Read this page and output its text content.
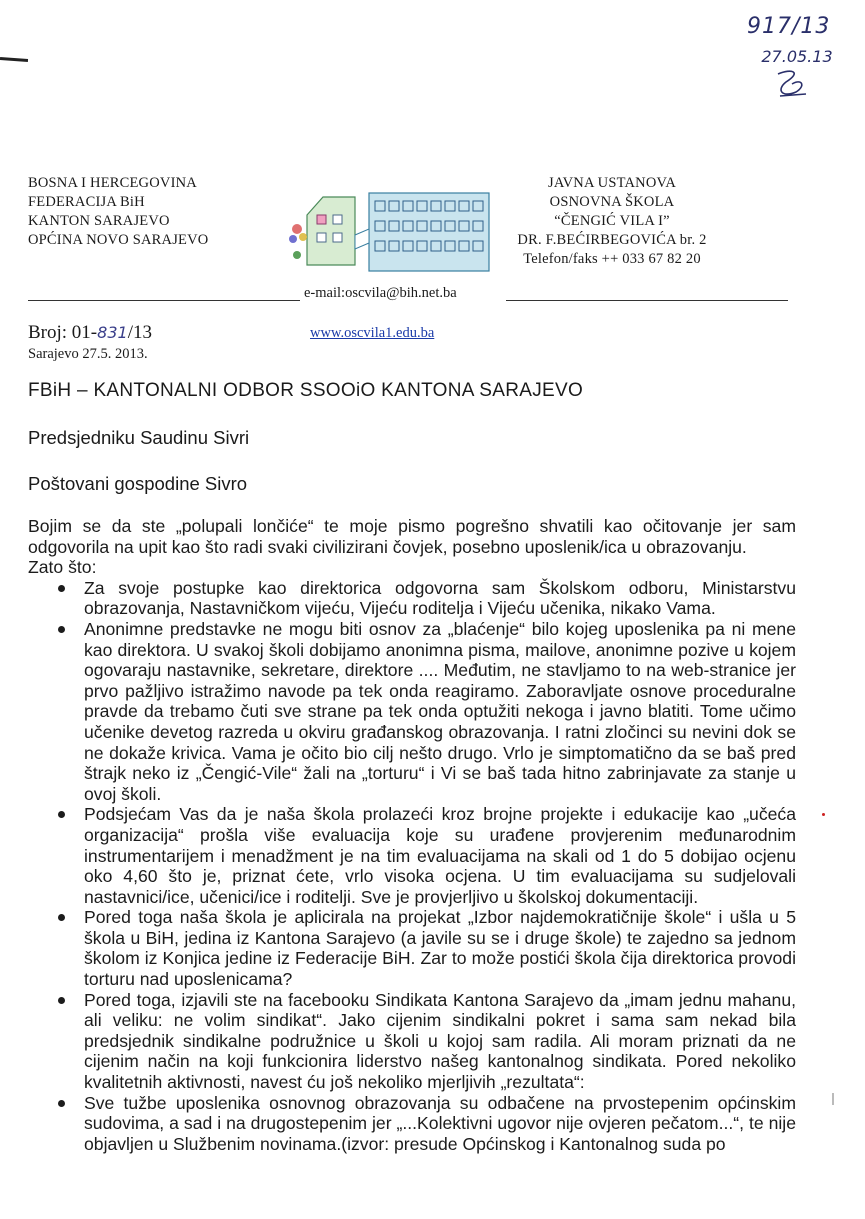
917/13
27.05.13
BOSNA I HERCEGOVINA
FEDERACIJA BiH
KANTON SARAJEVO
OPĆINA NOVO SARAJEVO
JAVNA USTANOVA
OSNOVNA ŠKOLA
“ČENGIĆ VILA I”
DR. F.BEĆIRBEGOVIĆA br. 2
Telefon/faks ++ 033 67 82 20
e-mail:oscvila@bih.net.ba
Broj: 01-831/13
Sarajevo 27.5. 2013.
www.oscvila1.edu.ba
FBiH – KANTONALNI ODBOR SSOOiO KANTONA SARAJEVO
Predsjedniku Saudinu Sivri
Poštovani gospodine Sivro

Bojim se da ste „polupali lončiće“ te moje pismo pogrešno shvatili kao očitovanje jer sam odgovorila na upit kao što radi svaki civilizirani čovjek, posebno uposlenik/ica u obrazovanju.

Zato što:

Za svoje postupke kao direktorica odgovorna sam Školskom odboru, Ministarstvu obrazovanja, Nastavničkom vijeću, Vijeću roditelja i Vijeću učenika, nikako Vama.
Anonimne predstavke ne mogu biti osnov za „blaćenje“ bilo kojeg uposlenika pa ni mene kao direktora. U svakoj školi dobijamo anonimna pisma, mailove, anonimne pozive u kojem ogovaraju nastavnike, sekretare, direktore .... Međutim, ne stavljamo to na web-stranice jer prvo pažljivo istražimo navode pa tek onda reagiramo. Zaboravljate osnove proceduralne pravde da trebamo čuti sve strane pa tek onda optužiti nekoga i javno blatiti. Tome učimo učenike devetog razreda u okviru građanskog obrazovanja. I ratni zločinci su nevini dok se ne dokaže krivica. Vama je očito bio cilj nešto drugo. Vrlo je simptomatično da se baš pred štrajk neko iz „Čengić-Vile“ žali na „torturu“ i Vi se baš tada hitno zabrinjavate za stanje u ovoj školi.
Podsjećam Vas da je naša škola prolazeći kroz brojne projekte i edukacije kao „učeća organizacija“ prošla više evaluacija koje su urađene provjerenim međunarodnim instrumentarijem i menadžment je na tim evaluacijama na skali od 1 do 5 dobijao ocjenu oko 4,60 što je, priznat ćete, vrlo visoka ocjena. U tim evaluacijama su sudjelovali nastavnici/ice, učenici/ice i roditelji. Sve je provjerljivo u školskoj dokumentaciji.
Pored toga naša škola je aplicirala na projekat „Izbor najdemokratičnije škole“ i ušla u 5 škola u BiH, jedina iz Kantona Sarajevo (a javile su se i druge škole) te zajedno sa jednom školom iz Konjica jedine iz Federacije BiH. Zar to može postići škola čija direktorica provodi torturu nad uposlenicama?
Pored toga, izjavili ste na facebooku Sindikata Kantona Sarajevo da „imam jednu mahanu, ali veliku: ne volim sindikat“. Jako cijenim sindikalni pokret i sama sam nekad bila predsjednik sindikalne podružnice u školi u kojoj sam radila. Ali moram priznati da ne cijenim način na koji funkcionira liderstvo našeg kantonalnog sindikata. Pored nekoliko kvalitetnih aktivnosti, navest ću još nekoliko mjerljivih „rezultata“:
Sve tužbe uposlenika osnovnog obrazovanja su odbačene na prvostepenim općinskim sudovima, a sad i na drugostepenim jer „...Kolektivni ugovor nije ovjeren pečatom...“, te nije objavljen u Službenim novinama.(izvor: presude Općinskog i Kantonalnog suda po
